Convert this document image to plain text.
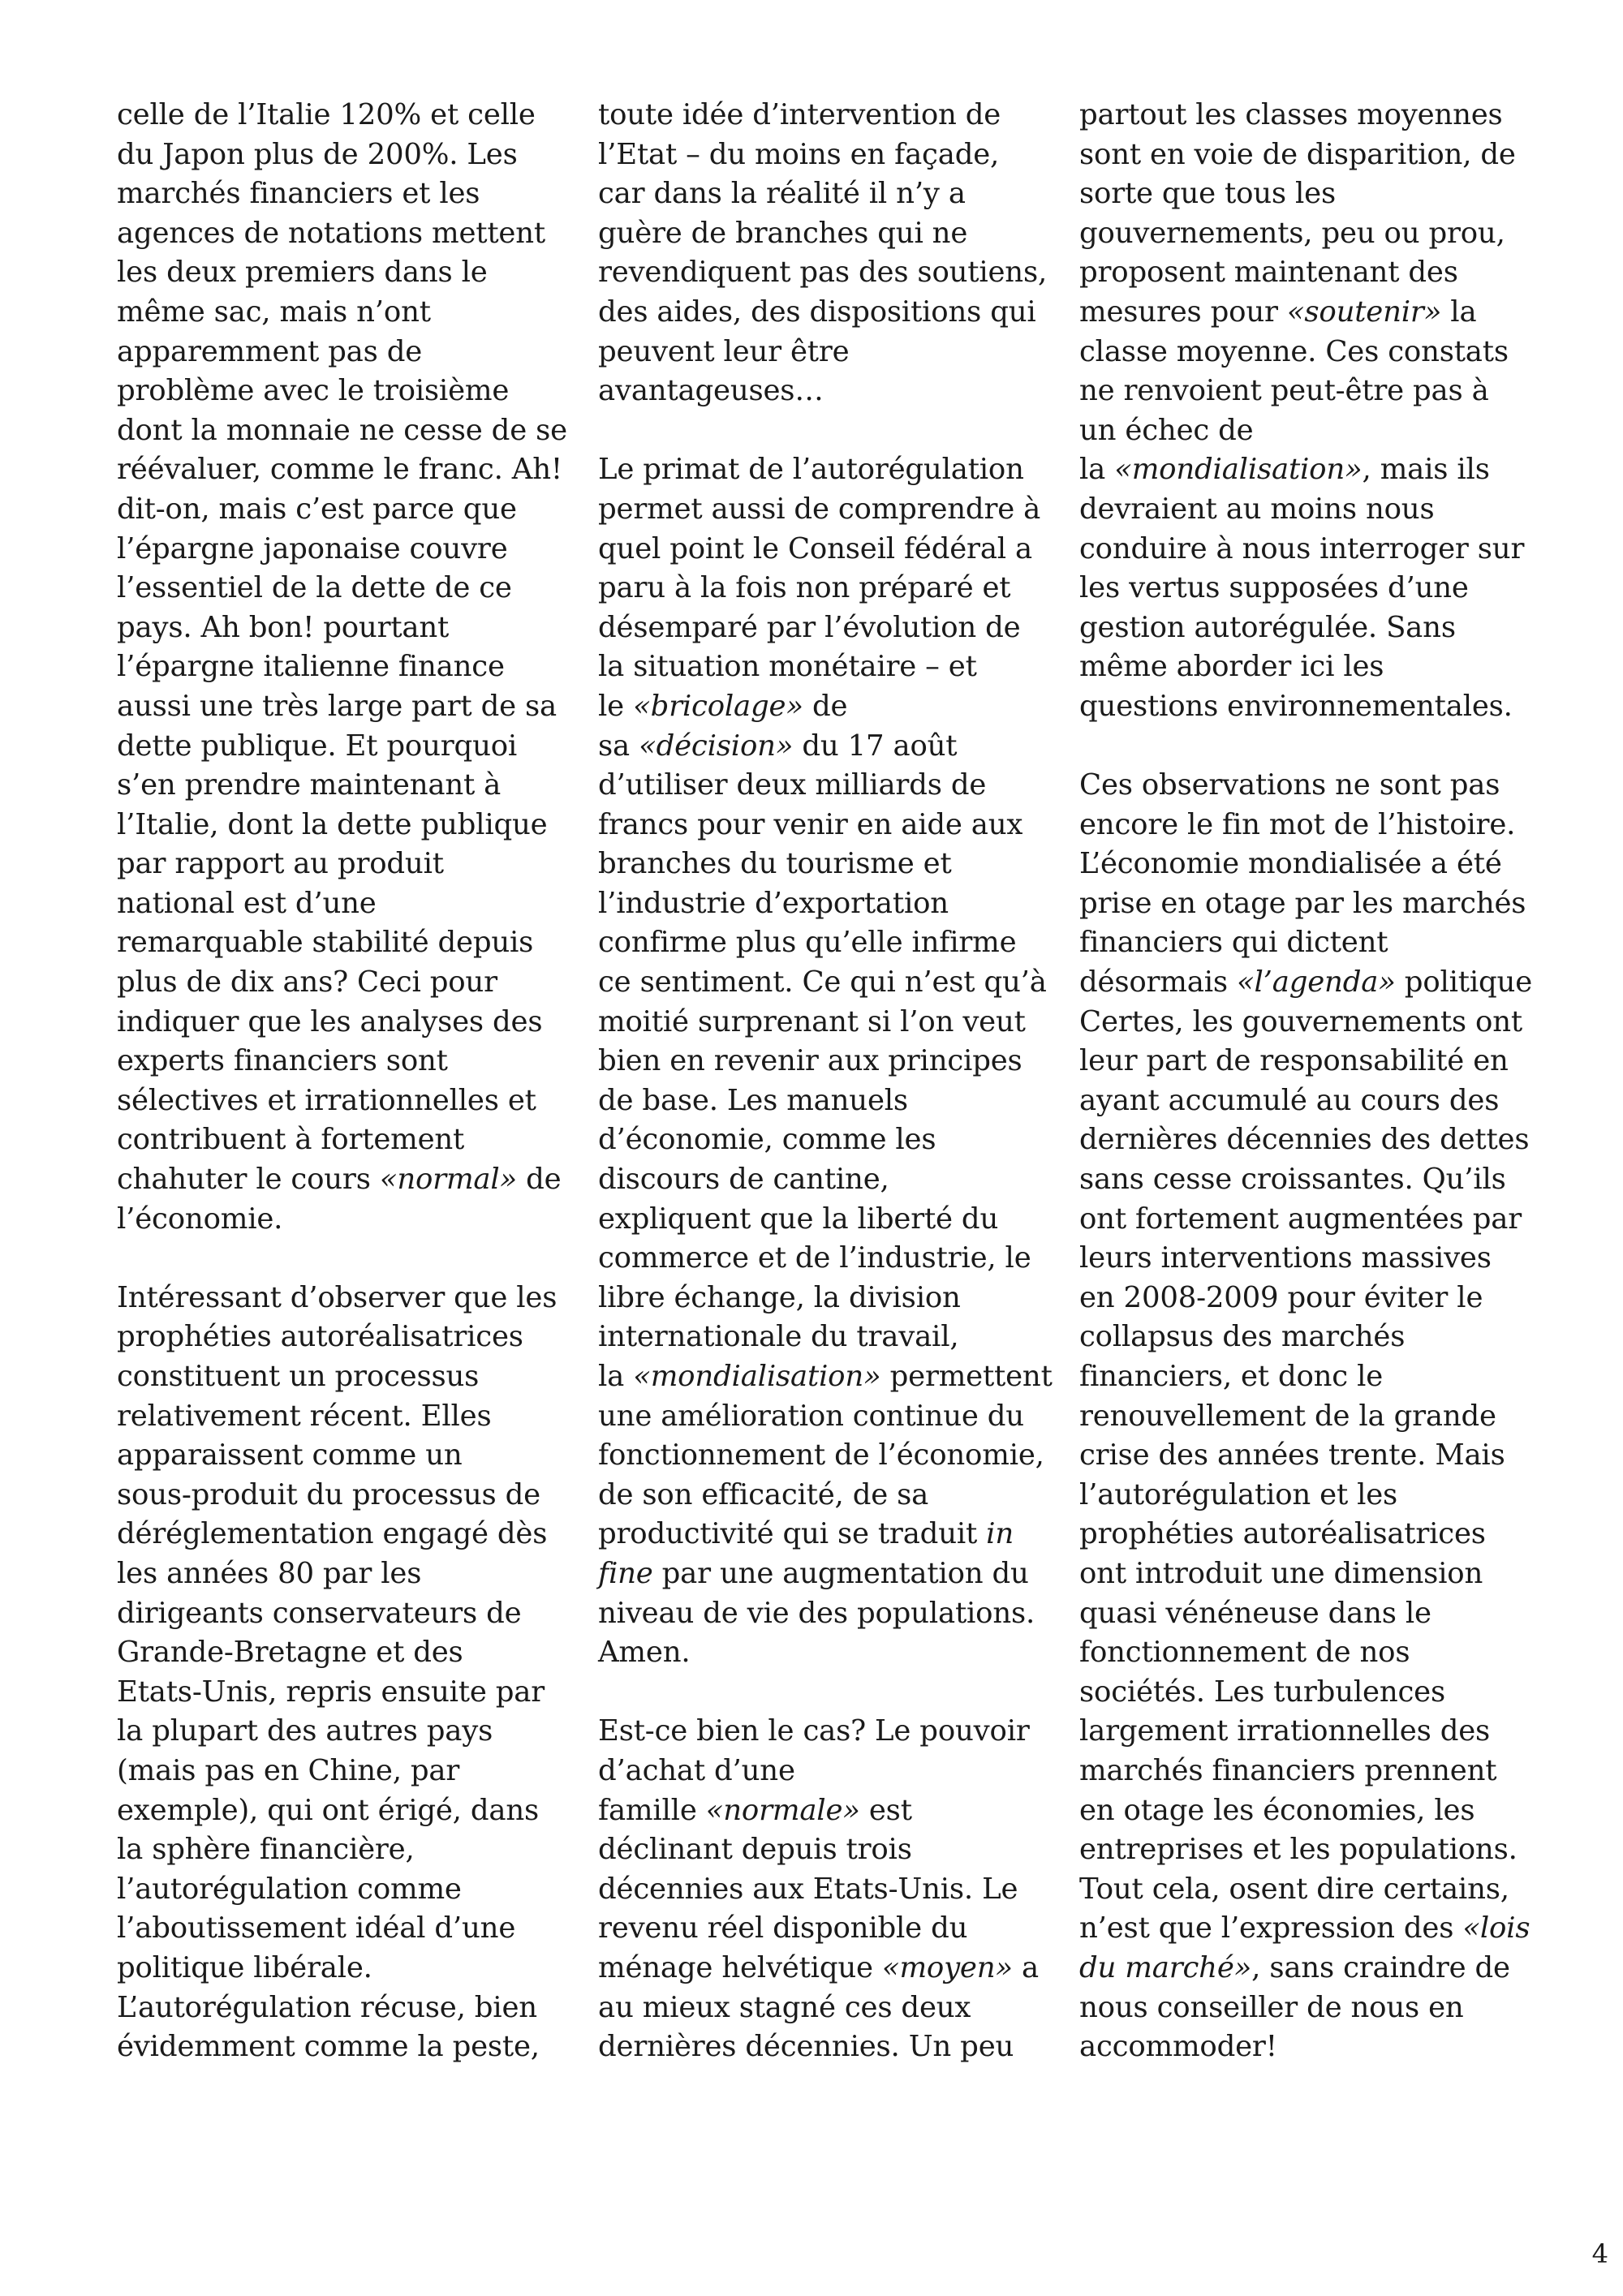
celle de l’Italie 120% et celle
du Japon plus de 200%. Les
marchés financiers et les
agences de notations mettent
les deux premiers dans le
même sac, mais n’ont
apparemment pas de
problème avec le troisième
dont la monnaie ne cesse de se
réévaluer, comme le franc. Ah!
dit-on, mais c’est parce que
l’épargne japonaise couvre
l’essentiel de la dette de ce
pays. Ah bon! pourtant
l’épargne italienne finance
aussi une très large part de sa
dette publique. Et pourquoi
s’en prendre maintenant à
l’Italie, dont la dette publique
par rapport au produit
national est d’une
remarquable stabilité depuis
plus de dix ans? Ceci pour
indiquer que les analyses des
experts financiers sont
sélectives et irrationnelles et
contribuent à fortement
chahuter le cours «normal» de
l’économie.
Intéressant d’observer que les
prophéties autoréalisatrices
constituent un processus
relativement récent. Elles
apparaissent comme un
sous-produit du processus de
déréglementation engagé dès
les années 80 par les
dirigeants conservateurs de
Grande-Bretagne et des
Etats-Unis, repris ensuite par
la plupart des autres pays
(mais pas en Chine, par
exemple), qui ont érigé, dans
la sphère financière,
l’autorégulation comme
l’aboutissement idéal d’une
politique libérale.
L’autorégulation récuse, bien
évidemment comme la peste,
toute idée d’intervention de
l’Etat – du moins en façade,
car dans la réalité il n’y a
guère de branches qui ne
revendiquent pas des soutiens,
des aides, des dispositions qui
peuvent leur être
avantageuses…
Le primat de l’autorégulation
permet aussi de comprendre à
quel point le Conseil fédéral a
paru à la fois non préparé et
désemparé par l’évolution de
la situation monétaire – et
le «bricolage» de
sa «décision» du 17 août
d’utiliser deux milliards de
francs pour venir en aide aux
branches du tourisme et
l’industrie d’exportation
confirme plus qu’elle infirme
ce sentiment. Ce qui n’est qu’à
moitié surprenant si l’on veut
bien en revenir aux principes
de base. Les manuels
d’économie, comme les
discours de cantine,
expliquent que la liberté du
commerce et de l’industrie, le
libre échange, la division
internationale du travail,
la «mondialisation» permettent
une amélioration continue du
fonctionnement de l’économie,
de son efficacité, de sa
productivité qui se traduit in
fine par une augmentation du
niveau de vie des populations.
Amen.
Est-ce bien le cas? Le pouvoir
d’achat d’une
famille «normale» est
déclinant depuis trois
décennies aux Etats-Unis. Le
revenu réel disponible du
ménage helvétique «moyen» a
au mieux stagné ces deux
dernières décennies. Un peu
partout les classes moyennes
sont en voie de disparition, de
sorte que tous les
gouvernements, peu ou prou,
proposent maintenant des
mesures pour «soutenir» la
classe moyenne. Ces constats
ne renvoient peut-être pas à
un échec de
la «mondialisation», mais ils
devraient au moins nous
conduire à nous interroger sur
les vertus supposées d’une
gestion autorégulée. Sans
même aborder ici les
questions environnementales.
Ces observations ne sont pas
encore le fin mot de l’histoire.
L’économie mondialisée a été
prise en otage par les marchés
financiers qui dictent
désormais «l’agenda» politique
Certes, les gouvernements ont
leur part de responsabilité en
ayant accumulé au cours des
dernières décennies des dettes
sans cesse croissantes. Qu’ils
ont fortement augmentées par
leurs interventions massives
en 2008-2009 pour éviter le
collapsus des marchés
financiers, et donc le
renouvellement de la grande
crise des années trente. Mais
l’autorégulation et les
prophéties autoréalisatrices
ont introduit une dimension
quasi vénéneuse dans le
fonctionnement de nos
sociétés. Les turbulences
largement irrationnelles des
marchés financiers prennent
en otage les économies, les
entreprises et les populations.
Tout cela, osent dire certains,
n’est que l’expression des «lois
du marché», sans craindre de
nous conseiller de nous en
accommoder!
4
